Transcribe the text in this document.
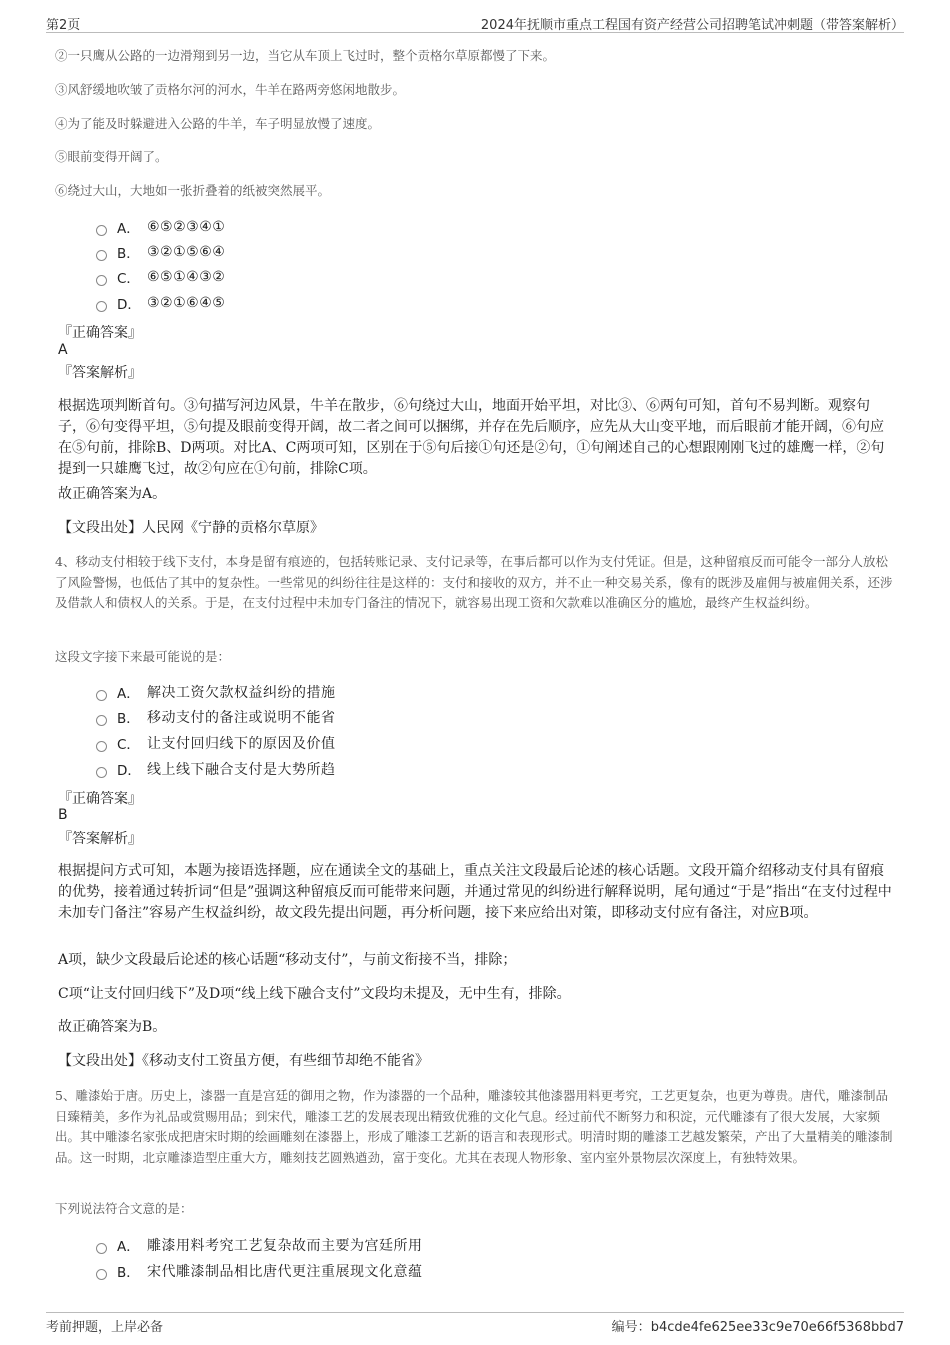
第2页	2024年抚顺市重点工程国有资产经营公司招聘笔试冲刺题（带答案解析）
②一只鹰从公路的一边滑翔到另一边，当它从车顶上飞过时，整个贡格尔草原都慢了下来。
③风舒缓地吹皱了贡格尔河的河水，牛羊在路两旁悠闲地散步。
④为了能及时躲避进入公路的牛羊，车子明显放慢了速度。
⑤眼前变得开阔了。
⑥绕过大山，大地如一张折叠着的纸被突然展平。
A． ⑥⑤②③④①
B． ③②①⑤⑥④
C． ⑥⑤①④③②
D． ③②①⑥④⑤
『正确答案』
A
『答案解析』
根据选项判断首句。③句描写河边风景，牛羊在散步，⑥句绕过大山，地面开始平坦，对比③、⑥两句可知，首句不易判断。观察句子，⑥句变得平坦，⑤句提及眼前变得开阔，故二者之间可以捆绑，并存在先后顺序，应先从大山变平地，而后眼前才能开阔，⑥句应在⑤句前，排除B、D两项。对比A、C两项可知，区别在于⑤句后接①句还是②句，①句阐述自己的心想跟刚刚飞过的雄鹰一样，②句提到一只雄鹰飞过，故②句应在①句前，排除C项。
故正确答案为A。
【文段出处】人民网《宁静的贡格尔草原》
4、移动支付相较于线下支付，本身是留有痕迹的，包括转账记录、支付记录等，在事后都可以作为支付凭证。但是，这种留痕反而可能令一部分人放松了风险警惕，也低估了其中的复杂性。一些常见的纠纷往往是这样的：支付和接收的双方，并不止一种交易关系，像有的既涉及雇佣与被雇佣关系，还涉及借款人和债权人的关系。于是，在支付过程中未加专门备注的情况下，就容易出现工资和欠款难以准确区分的尴尬，最终产生权益纠纷。
这段文字接下来最可能说的是：
A． 解决工资欠款权益纠纷的措施
B． 移动支付的备注或说明不能省
C． 让支付回归线下的原因及价值
D． 线上线下融合支付是大势所趋
『正确答案』
B
『答案解析』
根据提问方式可知，本题为接语选择题，应在通读全文的基础上，重点关注文段最后论述的核心话题。文段开篇介绍移动支付具有留痕的优势，接着通过转折词“但是”强调这种留痕反而可能带来问题，并通过常见的纠纷进行解释说明，尾句通过“于是”指出“在支付过程中未加专门备注”容易产生权益纠纷，故文段先提出问题，再分析问题，接下来应给出对策，即移动支付应有备注，对应B项。
A项，缺少文段最后论述的核心话题“移动支付”，与前文衔接不当，排除；
C项“让支付回归线下”及D项“线上线下融合支付”文段均未提及，无中生有，排除。
故正确答案为B。
【文段出处】《移动支付工资虽方便，有些细节却绝不能省》
5、雕漆始于唐。历史上，漆器一直是宫廷的御用之物，作为漆器的一个品种，雕漆较其他漆器用料更考究，工艺更复杂，也更为尊贵。唐代，雕漆制品日臻精美，多作为礼品或赏赐用品；到宋代，雕漆工艺的发展表现出精致优雅的文化气息。经过前代不断努力和积淀，元代雕漆有了很大发展，大家频出。其中雕漆名家张成把唐宋时期的绘画雕刻在漆器上，形成了雕漆工艺新的语言和表现形式。明清时期的雕漆工艺越发繁荣，产出了大量精美的雕漆制品。这一时期，北京雕漆造型庄重大方，雕刻技艺圆熟遒劲，富于变化。尤其在表现人物形象、室内室外景物层次深度上，有独特效果。
下列说法符合文意的是：
A． 雕漆用料考究工艺复杂故而主要为宫廷所用
B． 宋代雕漆制品相比唐代更注重展现文化意蕴
考前押题，上岸必备	编号：b4cde4fe625ee33c9e70e66f5368bbd7
